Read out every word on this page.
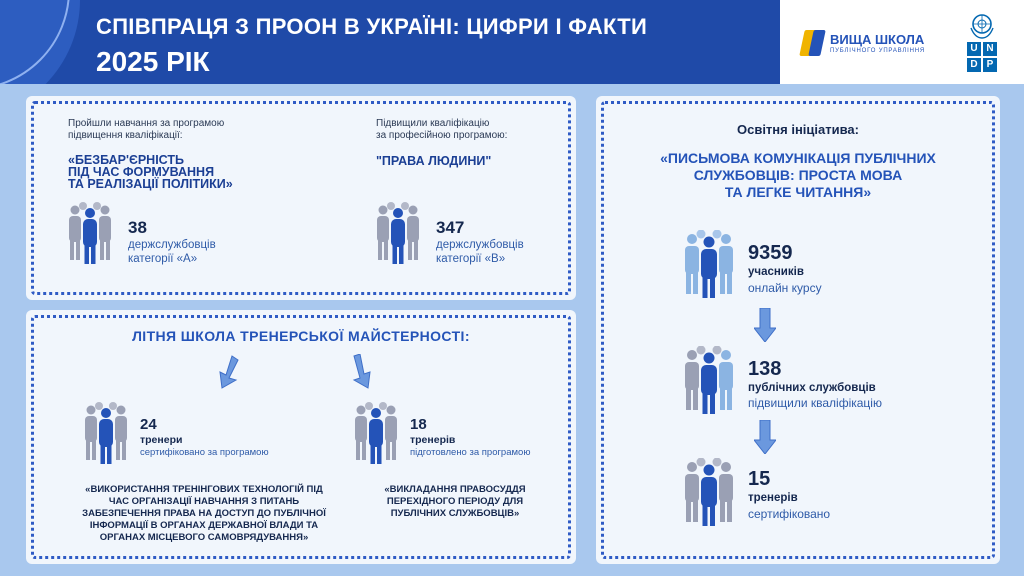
СПІВПРАЦЯ З ПРООН В УКРАЇНІ: ЦИФРИ І ФАКТИ
2025 РІК
ВИЩА ШКОЛА
ПУБЛІЧНОГО УПРАВЛІННЯ	U N
D P
Пройшли навчання за програмою
підвищення кваліфікації:
«БЕЗБАР'ЄРНІСТЬ
ПІД ЧАС ФОРМУВАННЯ
ТА РЕАЛІЗАЦІЇ ПОЛІТИКИ»
38
держслужбовців
категорії «А»
Підвищили кваліфікацію
за професійною програмою:
"ПРАВА ЛЮДИНИ"
347
держслужбовців
категорії «В»
ЛІТНЯ ШКОЛА ТРЕНЕРСЬКОЇ МАЙСТЕРНОСТІ:
24
тренери
сертифіковано за програмою
18
тренерів
підготовлено за програмою
«ВИКОРИСТАННЯ ТРЕНІНГОВИХ ТЕХНОЛОГІЙ ПІД
ЧАС ОРГАНІЗАЦІЇ НАВЧАННЯ З ПИТАНЬ
ЗАБЕЗПЕЧЕННЯ ПРАВА НА ДОСТУП ДО ПУБЛІЧНОЇ
ІНФОРМАЦІЇ В ОРГАНАХ ДЕРЖАВНОЇ ВЛАДИ ТА
ОРГАНАХ МІСЦЕВОГО САМОВРЯДУВАННЯ»
«ВИКЛАДАННЯ ПРАВОСУДДЯ
ПЕРЕХІДНОГО ПЕРІОДУ ДЛЯ
ПУБЛІЧНИХ СЛУЖБОВЦІВ»
Освітня ініціатива:
«ПИСЬМОВА КОМУНІКАЦІЯ ПУБЛІЧНИХ
СЛУЖБОВЦІВ: ПРОСТА МОВА
ТА ЛЕГКЕ ЧИТАННЯ»
9359
учасників
онлайн курсу
138
публічних службовців
підвищили кваліфікацію
15
тренерів
сертифіковано
